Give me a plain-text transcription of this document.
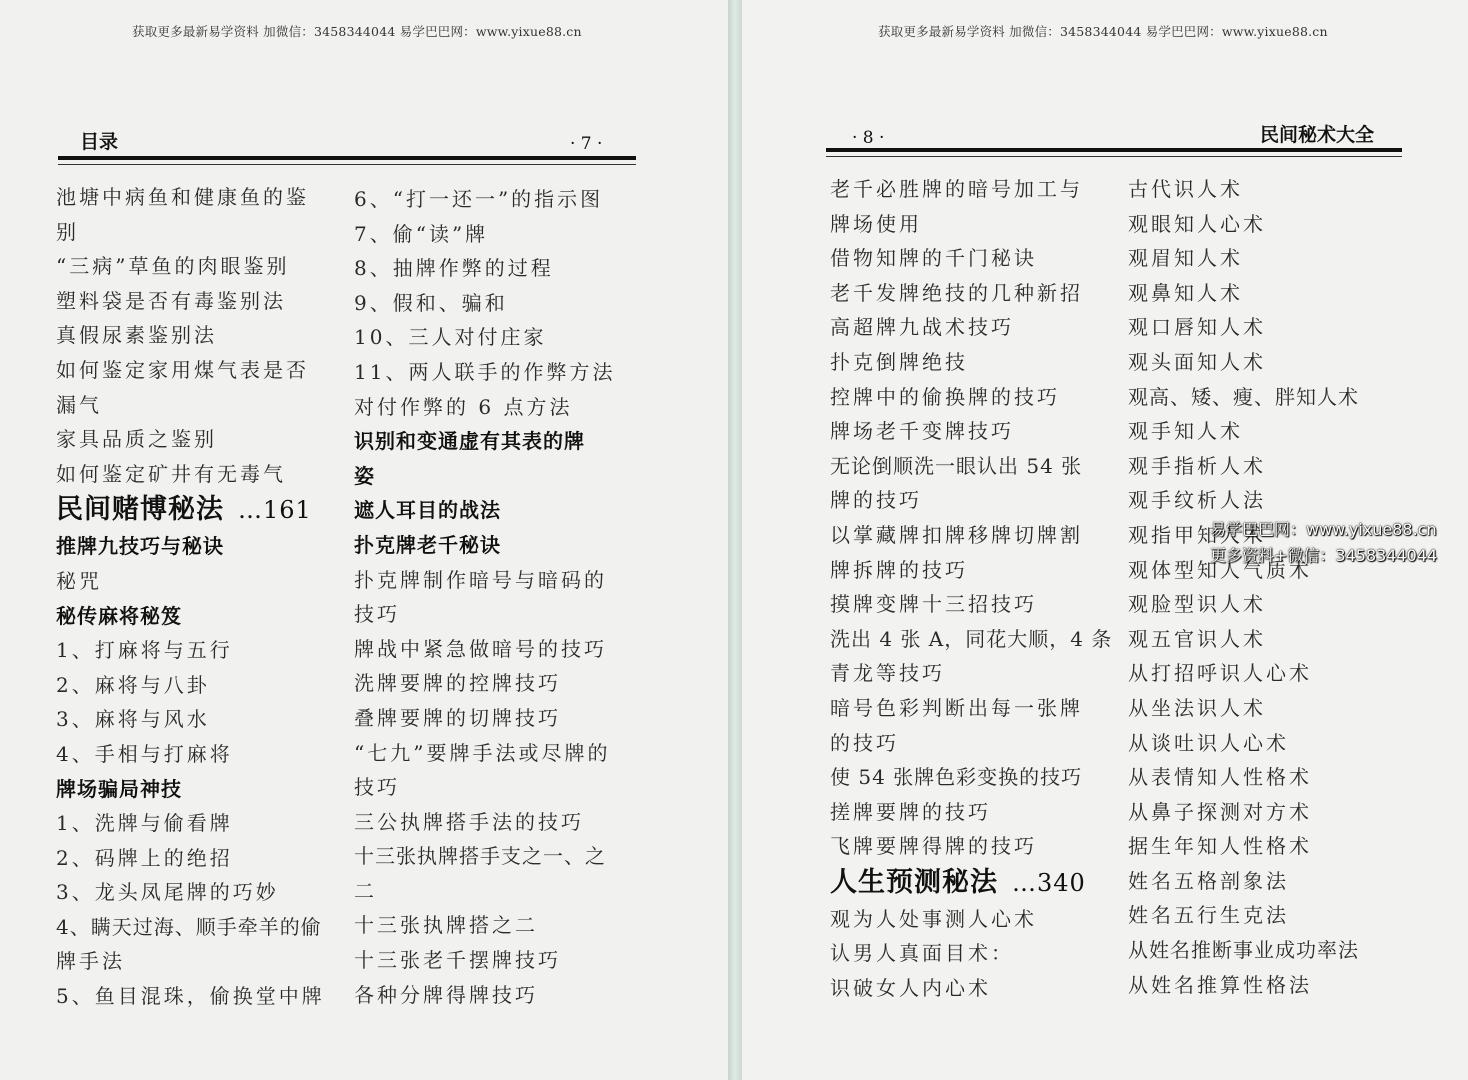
获取更多最新易学资料 加微信：3458344044 易学巴巴网：www.yixue88.cn
目录	· 7 ·
池塘中病鱼和健康鱼的鉴
别
“三病”草鱼的肉眼鉴别
塑料袋是否有毒鉴别法
真假尿素鉴别法
如何鉴定家用煤气表是否
漏气
家具品质之鉴别
如何鉴定矿井有无毒气
民间赌博秘法 …161
推牌九技巧与秘诀
秘咒
秘传麻将秘笈
1、打麻将与五行
2、麻将与八卦
3、麻将与风水
4、手相与打麻将
牌场骗局神技
1、洗牌与偷看牌
2、码牌上的绝招
3、龙头凤尾牌的巧妙
4、瞒天过海、顺手牵羊的偷
牌手法
5、鱼目混珠，偷换堂中牌
6、“打一还一”的指示图
7、偷“读”牌
8、抽牌作弊的过程
9、假和、骗和
10、三人对付庄家
11、两人联手的作弊方法
对付作弊的 6 点方法
识别和变通虚有其表的牌
姿
遮人耳目的战法
扑克牌老千秘诀
扑克牌制作暗号与暗码的
技巧
牌战中紧急做暗号的技巧
洗牌要牌的控牌技巧
叠牌要牌的切牌技巧
“七九”要牌手法或尽牌的
技巧
三公执牌搭手法的技巧
十三张执牌搭手支之一、之
二
十三张执牌搭之二
十三张老千摆牌技巧
各种分牌得牌技巧
获取更多最新易学资料 加微信：3458344044 易学巴巴网：www.yixue88.cn
· 8 ·	民间秘术大全
老千必胜牌的暗号加工与
牌场使用
借物知牌的千门秘诀
老千发牌绝技的几种新招
高超牌九战术技巧
扑克倒牌绝技
控牌中的偷换牌的技巧
牌场老千变牌技巧
无论倒顺洗一眼认出 54 张
牌的技巧
以掌藏牌扣牌移牌切牌割
牌拆牌的技巧
摸牌变牌十三招技巧
洗出 4 张 A，同花大顺，4 条
青龙等技巧
暗号色彩判断出每一张牌
的技巧
使 54 张牌色彩变换的技巧
搓牌要牌的技巧
飞牌要牌得牌的技巧
人生预测秘法 …340
观为人处事测人心术
认男人真面目术：
识破女人内心术
古代识人术
观眼知人心术
观眉知人术
观鼻知人术
观口唇知人术
观头面知人术
观高、矮、瘦、胖知人术
观手知人术
观手指析人术
观手纹析人法
观指甲知人术
观体型知人气质术
观脸型识人术
观五官识人术
从打招呼识人心术
从坐法识人术
从谈吐识人心术
从表情知人性格术
从鼻子探测对方术
据生年知人性格术
姓名五格剖象法
姓名五行生克法
从姓名推断事业成功率法
从姓名推算性格法
易学巴巴网：www.yixue88.cn
更多资料+微信：3458344044
